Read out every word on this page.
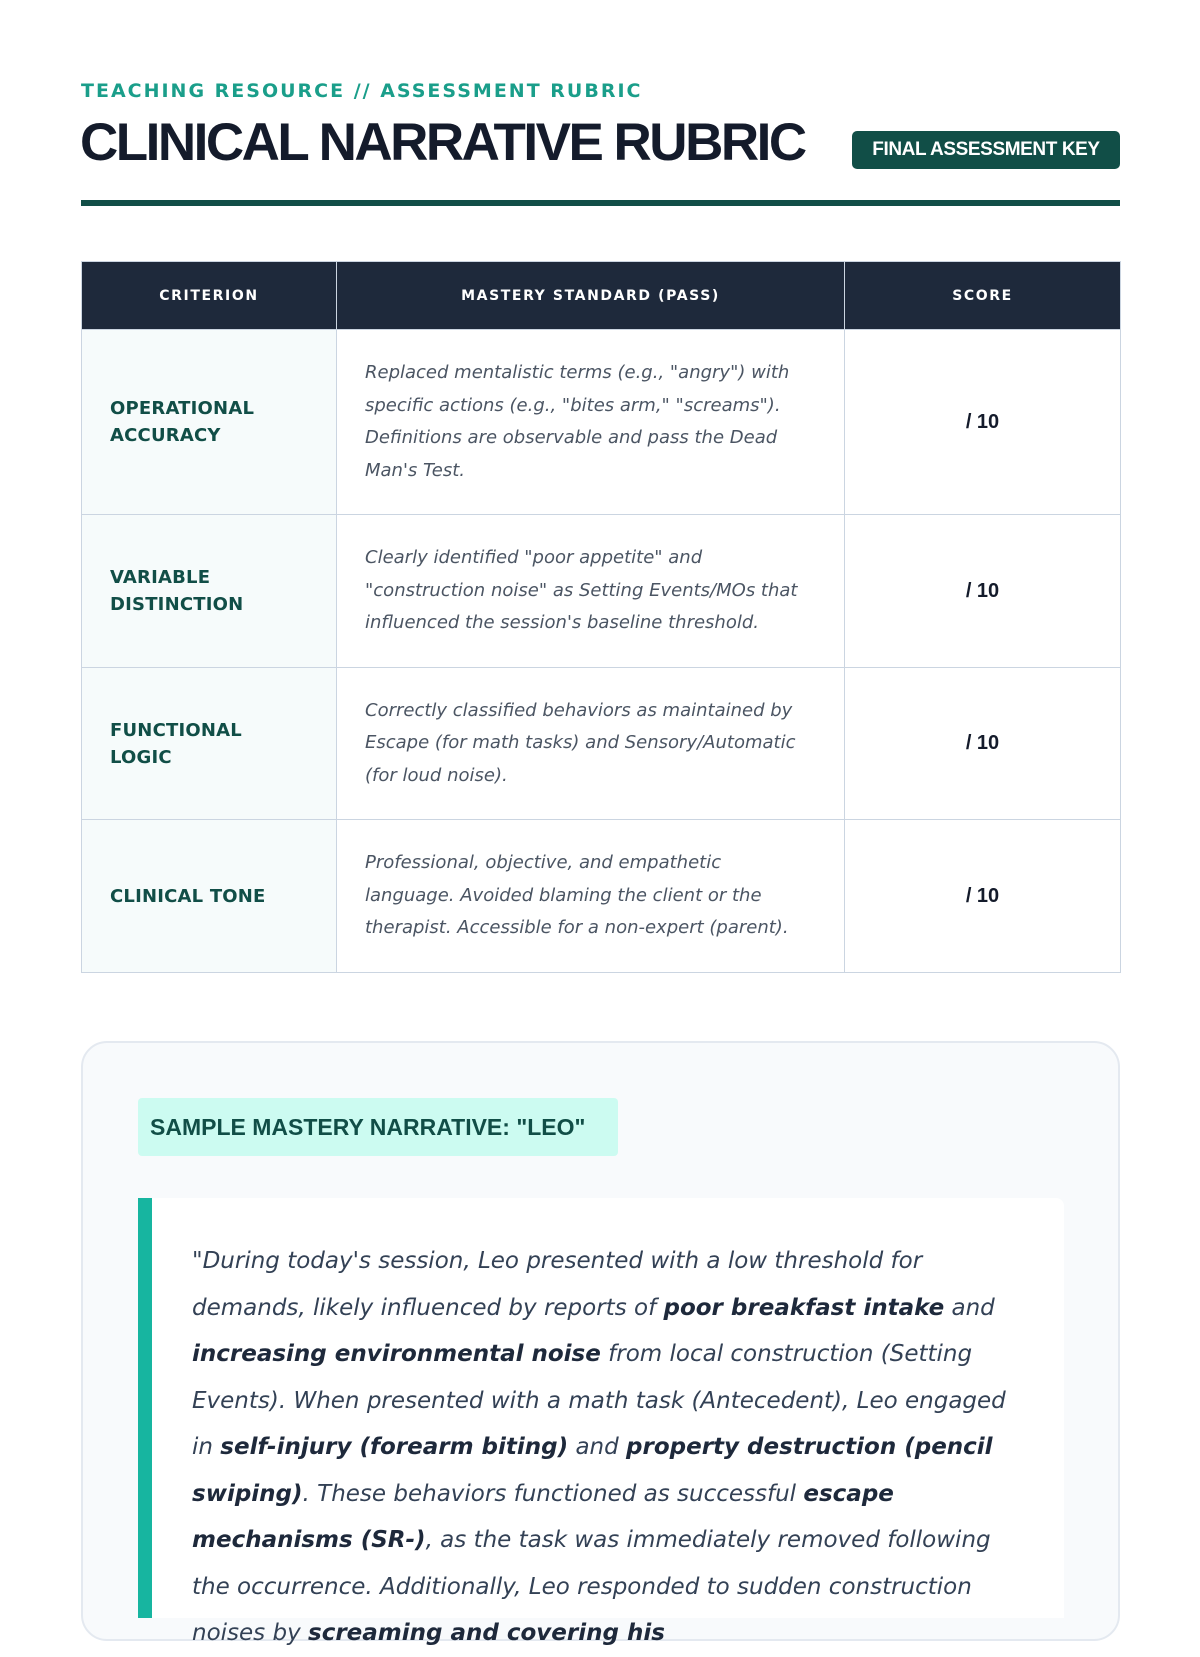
TEACHING RESOURCE // ASSESSMENT RUBRIC
CLINICAL NARRATIVE RUBRIC	FINAL ASSESSMENT KEY
CRITERION	MASTERY STANDARD (PASS)	SCORE
OPERATIONAL ACCURACY	Replaced mentalistic terms (e.g., "angry") with specific actions (e.g., "bites arm," "screams"). Definitions are observable and pass the Dead Man's Test.	/ 10
VARIABLE DISTINCTION	Clearly identified "poor appetite" and "construction noise" as Setting Events/MOs that influenced the session's baseline threshold.	/ 10
FUNCTIONAL LOGIC	Correctly classified behaviors as maintained by Escape (for math tasks) and Sensory/Automatic (for loud noise).	/ 10
CLINICAL TONE	Professional, objective, and empathetic language. Avoided blaming the client or the therapist. Accessible for a non-expert (parent).	/ 10
SAMPLE MASTERY NARRATIVE: "LEO"

"During today's session, Leo presented with a low threshold for demands, likely influenced by reports of poor breakfast intake and increasing environmental noise from local construction (Setting Events). When presented with a math task (Antecedent), Leo engaged in self-injury (forearm biting) and property destruction (pencil swiping). These behaviors functioned as successful escape mechanisms (SR-), as the task was immediately removed following the occurrence. Additionally, Leo responded to sudden construction noises by screaming and covering his
